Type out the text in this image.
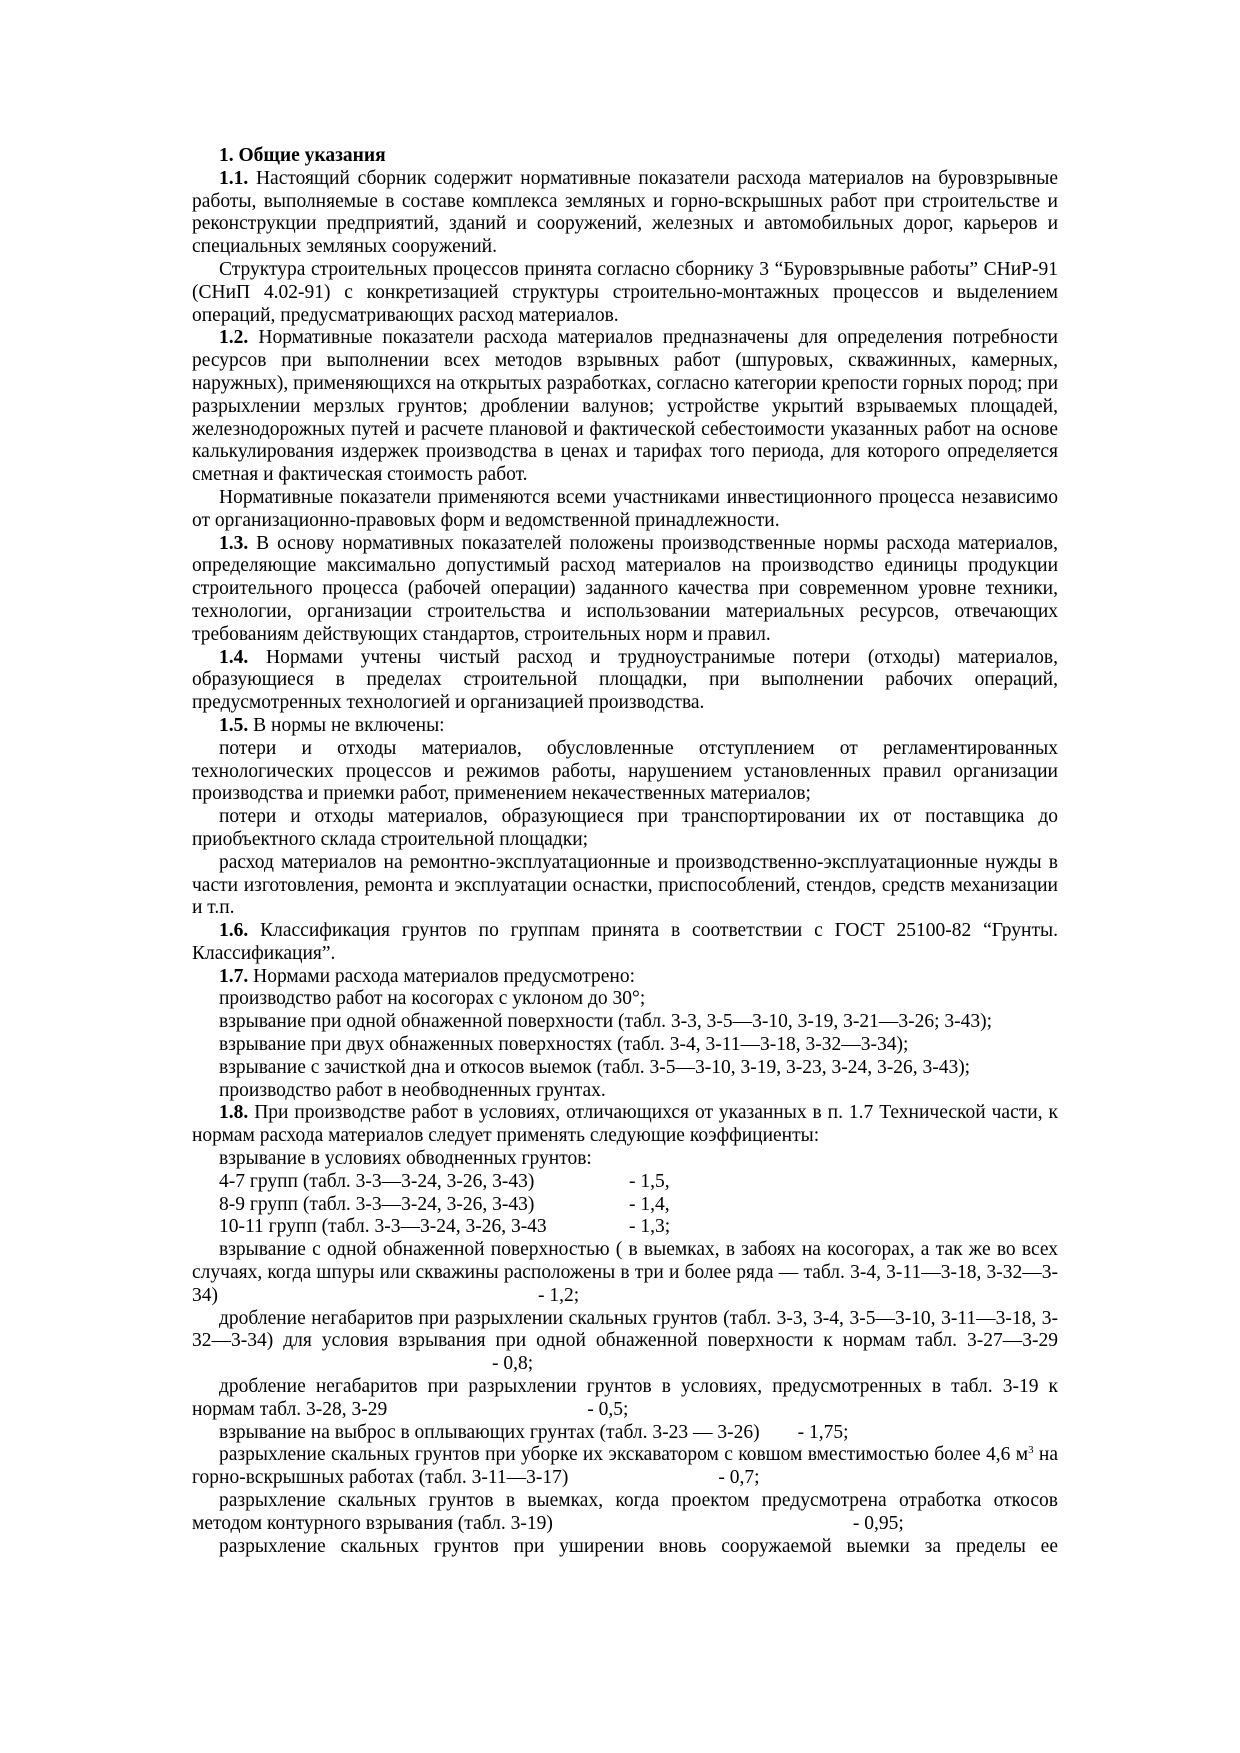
1. Общие указания

1.1. Настоящий сборник содержит нормативные показатели расхода материалов на буровзрывные работы, выполняемые в составе комплекса земляных и горно-вскрышных работ при строительстве и реконструкции предприятий, зданий и сооружений, железных и автомобильных дорог, карьеров и специальных земляных сооружений.

Структура строительных процессов принята согласно сборнику 3 “Буровзрывные работы” СНиР-91 (СНиП 4.02-91) с конкретизацией структуры строительно-монтажных процессов и выделением операций, предусматривающих расход материалов.

1.2. Нормативные показатели расхода материалов предназначены для определения потребности ресурсов при выполнении всех методов взрывных работ (шпуровых, скважинных, камерных, наружных), применяющихся на открытых разработках, согласно категории крепости горных пород; при разрыхлении мерзлых грунтов; дроблении валунов; устройстве укрытий взрываемых площадей, железнодорожных путей и расчете плановой и фактической себестоимости указанных работ на основе калькулирования издержек производства в ценах и тарифах того периода, для которого определяется сметная и фактическая стоимость работ.

Нормативные показатели применяются всеми участниками инвестиционного процесса независимо от организационно-правовых форм и ведомственной принадлежности.

1.3. В основу нормативных показателей положены производственные нормы расхода материалов, определяющие максимально допустимый расход материалов на производство единицы продукции строительного процесса (рабочей операции) заданного качества при современном уровне техники, технологии, организации строительства и использовании материальных ресурсов, отвечающих требованиям действующих стандартов, строительных норм и правил.

1.4. Нормами учтены чистый расход и трудноустранимые потери (отходы) материалов, образующиеся в пределах строительной площадки, при выполнении рабочих операций, предусмотренных технологией и организацией производства.

1.5. В нормы не включены:

потери и отходы материалов, обусловленные отступлением от регламентированных технологических процессов и режимов работы, нарушением установленных правил организации производства и приемки работ, применением некачественных материалов;

потери и отходы материалов, образующиеся при транспортировании их от поставщика до приобъектного склада строительной площадки;

расход материалов на ремонтно-эксплуатационные и производственно-эксплуатационные нужды в части изготовления, ремонта и эксплуатации оснастки, приспособлений, стендов, средств механизации и т.п.

1.6. Классификация грунтов по группам принята в соответствии с ГОСТ 25100-82 “Грунты. Классификация”.

1.7. Нормами расхода материалов предусмотрено:

производство работ на косогорах с уклоном до 30°;

взрывание при одной обнаженной поверхности (табл. 3-3, 3-5—3-10, 3-19, 3-21—3-26; 3-43);

взрывание при двух обнаженных поверхностях (табл. 3-4, 3-11—3-18, 3-32—3-34);

взрывание с зачисткой дна и откосов выемок (табл. 3-5—3-10, 3-19, 3-23, 3-24, 3-26, 3-43);

производство работ в необводненных грунтах.

1.8. При производстве работ в условиях, отличающихся от указанных в п. 1.7 Технической части, к нормам расхода материалов следует применять следующие коэффициенты:

взрывание в условиях обводненных грунтов:

4-7 групп (табл. 3-3—3-24, 3-26, 3-43)	- 1,5,
8-9 групп (табл. 3-3—3-24, 3-26, 3-43)	- 1,4,
10-11 групп (табл. 3-3—3-24, 3-26, 3-43	- 1,3;

взрывание с одной обнаженной поверхностью ( в выемках, в забоях на косогорах, а так же во всех случаях, когда шпуры или скважины расположены в три и более ряда — табл. 3-4, 3-11—3-18, 3-32—3-34)	- 1,2;

дробление негабаритов при разрыхлении скальных грунтов (табл. 3-3, 3-4, 3-5—3-10, 3-11—3-18, 3-32—3-34) для условия взрывания при одной обнаженной поверхности к нормам табл. 3-27—3-29- 0,8;

дробление негабаритов при разрыхлении грунтов в условиях, предусмотренных в табл. 3-19 к нормам табл. 3-28, 3-29	- 0,5;

взрывание на выброс в оплывающих грунтах (табл. 3-23 — 3-26) - 1,75;

разрыхление скальных грунтов при уборке их экскаватором с ковшом вместимостью более 4,6 $м^3$ на горно-вскрышных работах (табл. 3-11—3-17)	- 0,7;

разрыхление скальных грунтов в выемках, когда проектом предусмотрена отработка откосов методом контурного взрывания (табл. 3-19)	- 0,95;

разрыхление скальных грунтов при уширении вновь сооружаемой выемки за пределы ее
